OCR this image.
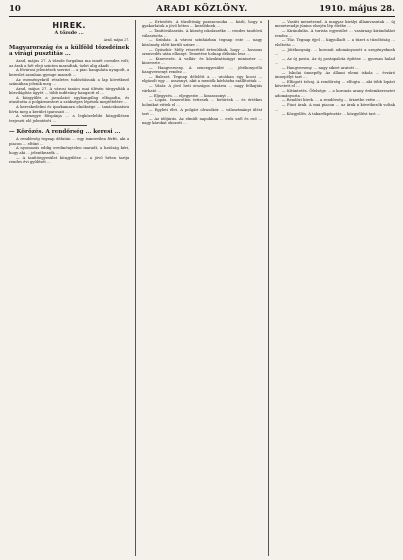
10	ARADI KÖZLÖNY.	1910. május 28.
HIREK.
A tőzsde ...
Arad, május 27.
Magyarország és a külföld tőzsdéinek a virági pusztítás ...

Arad, május 27. A tőzsde forgalma ma ismét csendes volt; az árak a hét eleji szinten maradtak, üzlet alig akadt ...

A fővárosi jelentések szerint ... a piac hangulata nyugodt, a kereslet azonban gyenge maradt ...

Az eseményekről részletes tudósításunk a lap következő számában jelenik meg ...

Arad, május 27. A városi tanács mai ülésén tárgyalták a közvilágítás ügyét ... több indítvány hangzott el ...

A közgyűlés a javaslatot egyhangúlag elfogadta, és utasította a polgármestert a szükséges lépések megtételére ...

A kereskedelmi és iparkamara elnöksége ... tanácskozásra hívta meg a kerület iparosait ...

A vármegye főispánja ... a legközelebbi közgyűlésen terjeszti elő jelentését ...

— Körözés. A rendőrség ... keresi ...

A rendőrség tegnap délután ... egy ismeretlen férfit, aki a piacon ... eltűnt ...

A nyomozás eddig eredménytelen maradt, a hatóság kéri, hogy aki ... jelentkezzék ...

— A tanítóegyesület közgyűlése ... a jövő héten tartja rendes évi gyűlését ...

— Értesítés. A tűzoltóság parancsnoka ... közli, hogy a gyakorlatok a jövő héten ... kezdődnek ...

— Tanítóválasztás. A község iskolaszéke ... rendes tanítóvá választotta ...

— Színház. A városi színházban tegnap este ... nagy közönség előtt került színre ...

— Gyászhír. Mély részvéttel értesülünk, hogy ... hosszas szenvedés után elhunyt. Temetése holnap délután lesz ...

— Kinevezés. A vallás- és közoktatásügyi miniszter ... kinevezte ...

— Hangverseny. A zeneegyesület ... jótékonycélú hangversenyt rendez ...

— Baleset. Tegnap délelőtt a ... utcában egy kocsi ... elgázolt egy ... asszonyt, akit a mentők kórházba szállítottak ...

— Vásár. A jövő heti országos vásárra ... nagy felhajtás várható ...

— Eljegyzés. ... eljegyezte ... kisasszonyt ...

— Lopás. Ismeretlen tettesek ... betörtek ... és értékes holmikat vittek el ...

— Egyleti élet. A polgári olvasókör ... választmányi ülést tart ...

— Az időjárás. Az elmúlt napokban ... erős szél és eső ... nagy károkat okozott ...

— Vasúti menetrend. A magyar királyi államvasutak ... új menetrendje június elsején lép életbe ...

— Kirándulás. A turista egyesület ... vasárnap kirándulást rendez ...

— Tűz. Tegnap éjjel ... kigyulladt ... a tüzet a tűzoltóság ... eloltotta ...

— Jótékonyság. ... koronát adományozott a szegényeknek ...

— Az új posta. Az új postapalota építése ... gyorsan halad ...

— Hangverseny. ... nagy sikert aratott ...

— Iskolai ünnepély. Az állami elemi iskola ... évzáró ünnepélyt tart ...

— Elfogott tolvaj. A rendőrség ... elfogta ... aki több lopást követett el ...

— Kitüntetés. Őfelsége ... a koronás arany érdemkeresztet adományozta ...

— Rendőri hírek. ... a rendőrség ... őrizetbe vette ...

— Piaci árak. A mai piacon ... az árak a következők voltak ...

— Közgyűlés. A takarékpénztár ... közgyűlést tart ...
